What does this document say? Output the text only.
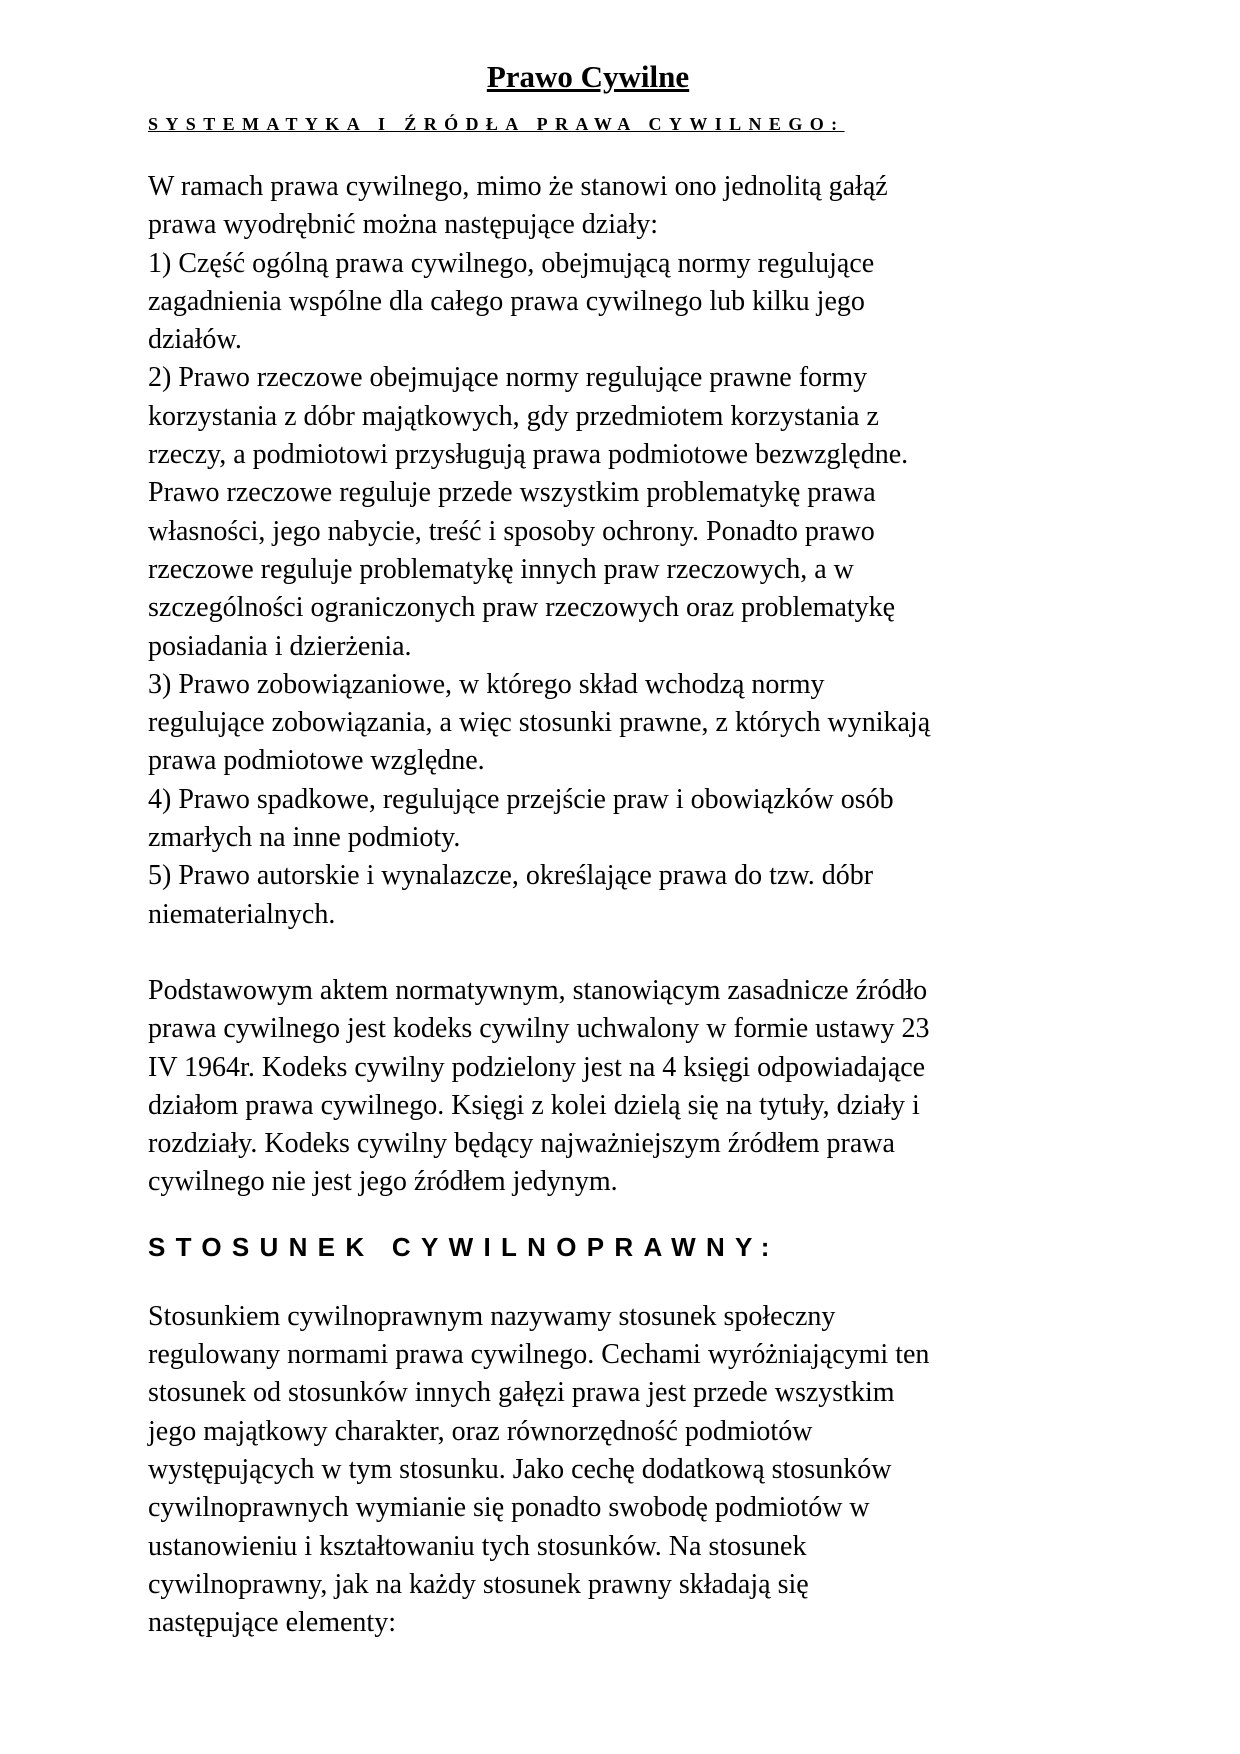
Prawo Cywilne
SYSTEMATYKA I ŹRÓDŁA PRAWA CYWILNEGO:

W ramach prawa cywilnego, mimo że stanowi ono jednolitą gałąź
prawa wyodrębnić można następujące działy:
1) Część ogólną prawa cywilnego, obejmującą normy regulujące
zagadnienia wspólne dla całego prawa cywilnego lub kilku jego
działów.
2) Prawo rzeczowe obejmujące normy regulujące prawne formy
korzystania z dóbr majątkowych, gdy przedmiotem korzystania z
rzeczy, a podmiotowi przysługują prawa podmiotowe bezwzględne.
Prawo rzeczowe reguluje przede wszystkim problematykę prawa
własności, jego nabycie, treść i sposoby ochrony. Ponadto prawo
rzeczowe reguluje problematykę innych praw rzeczowych, a w
szczególności ograniczonych praw rzeczowych oraz problematykę
posiadania i dzierżenia.
3) Prawo zobowiązaniowe, w którego skład wchodzą normy
regulujące zobowiązania, a więc stosunki prawne, z których wynikają
prawa podmiotowe względne.
4) Prawo spadkowe, regulujące przejście praw i obowiązków osób
zmarłych na inne podmioty.
5) Prawo autorskie i wynalazcze, określające prawa do tzw. dóbr
niematerialnych.

Podstawowym aktem normatywnym, stanowiącym zasadnicze źródło
prawa cywilnego jest kodeks cywilny uchwalony w formie ustawy 23
IV 1964r. Kodeks cywilny podzielony jest na 4 księgi odpowiadające
działom prawa cywilnego. Księgi z kolei dzielą się na tytuły, działy i
rozdziały. Kodeks cywilny będący najważniejszym źródłem prawa
cywilnego nie jest jego źródłem jedynym.

STOSUNEK CYWILNOPRAWNY:

Stosunkiem cywilnoprawnym nazywamy stosunek społeczny
regulowany normami prawa cywilnego. Cechami wyróżniającymi ten
stosunek od stosunków innych gałęzi prawa jest przede wszystkim
jego majątkowy charakter, oraz równorzędność podmiotów
występujących w tym stosunku. Jako cechę dodatkową stosunków
cywilnoprawnych wymianie się ponadto swobodę podmiotów w
ustanowieniu i kształtowaniu tych stosunków. Na stosunek
cywilnoprawny, jak na każdy stosunek prawny składają się
następujące elementy:
